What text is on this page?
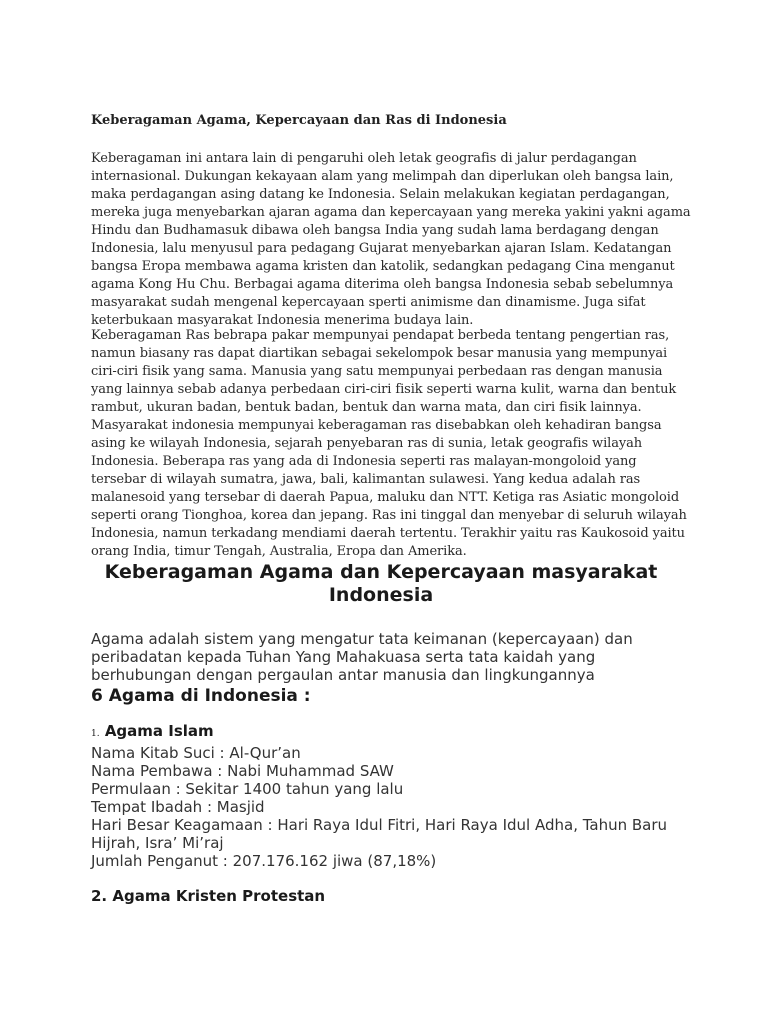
Keberagaman Agama, Kepercayaan dan Ras di Indonesia

Keberagaman ini antara lain di pengaruhi oleh letak geografis di jalur perdagangan internasional. Dukungan kekayaan alam yang melimpah dan diperlukan oleh bangsa lain, maka perdagangan asing datang ke Indonesia. Selain melakukan kegiatan perdagangan, mereka juga menyebarkan ajaran agama dan kepercayaan yang mereka yakini yakni agama Hindu dan Budhamasuk dibawa oleh bangsa India yang sudah lama berdagang dengan Indonesia, lalu menyusul para pedagang Gujarat menyebarkan ajaran Islam. Kedatangan bangsa Eropa membawa agama kristen dan katolik, sedangkan pedagang Cina menganut agama Kong Hu Chu. Berbagai agama diterima oleh bangsa Indonesia sebab sebelumnya masyarakat sudah mengenal kepercayaan sperti animisme dan dinamisme. Juga sifat keterbukaan masyarakat Indonesia menerima budaya lain.

Keberagaman Ras bebrapa pakar mempunyai pendapat berbeda tentang pengertian ras, namun biasany ras dapat diartikan sebagai sekelompok besar manusia yang mempunyai ciri-ciri fisik yang sama. Manusia yang satu mempunyai perbedaan ras dengan manusia yang lainnya sebab adanya perbedaan ciri-ciri fisik seperti warna kulit, warna dan bentuk rambut, ukuran badan, bentuk badan, bentuk dan warna mata, dan ciri fisik lainnya. Masyarakat indonesia mempunyai keberagaman ras disebabkan oleh kehadiran bangsa asing ke wilayah Indonesia, sejarah penyebaran ras di sunia, letak geografis wilayah Indonesia. Beberapa ras yang ada di Indonesia seperti ras malayan-mongoloid yang tersebar di wilayah sumatra, jawa, bali, kalimantan sulawesi. Yang kedua adalah ras malanesoid yang tersebar di daerah Papua, maluku dan NTT. Ketiga ras Asiatic mongoloid seperti orang Tionghoa, korea dan jepang. Ras ini tinggal dan menyebar di seluruh wilayah Indonesia, namun terkadang mendiami daerah tertentu. Terakhir yaitu ras Kaukosoid yaitu orang India, timur Tengah, Australia, Eropa dan Amerika.

Keberagaman Agama dan Kepercayaan masyarakat Indonesia

Agama adalah sistem yang mengatur tata keimanan (kepercayaan) dan peribadatan kepada Tuhan Yang Mahakuasa serta tata kaidah yang berhubungan dengan pergaulan antar manusia dan lingkungannya

6 Agama di Indonesia :

1. Agama Islam

Nama Kitab Suci : Al-Qur’an
Nama Pembawa : Nabi Muhammad SAW
Permulaan : Sekitar 1400 tahun yang lalu
Tempat Ibadah : Masjid
Hari Besar Keagamaan : Hari Raya Idul Fitri, Hari Raya Idul Adha, Tahun Baru Hijrah, Isra’ Mi’raj
Jumlah Penganut : 207.176.162 jiwa (87,18%)

2. Agama Kristen Protestan
